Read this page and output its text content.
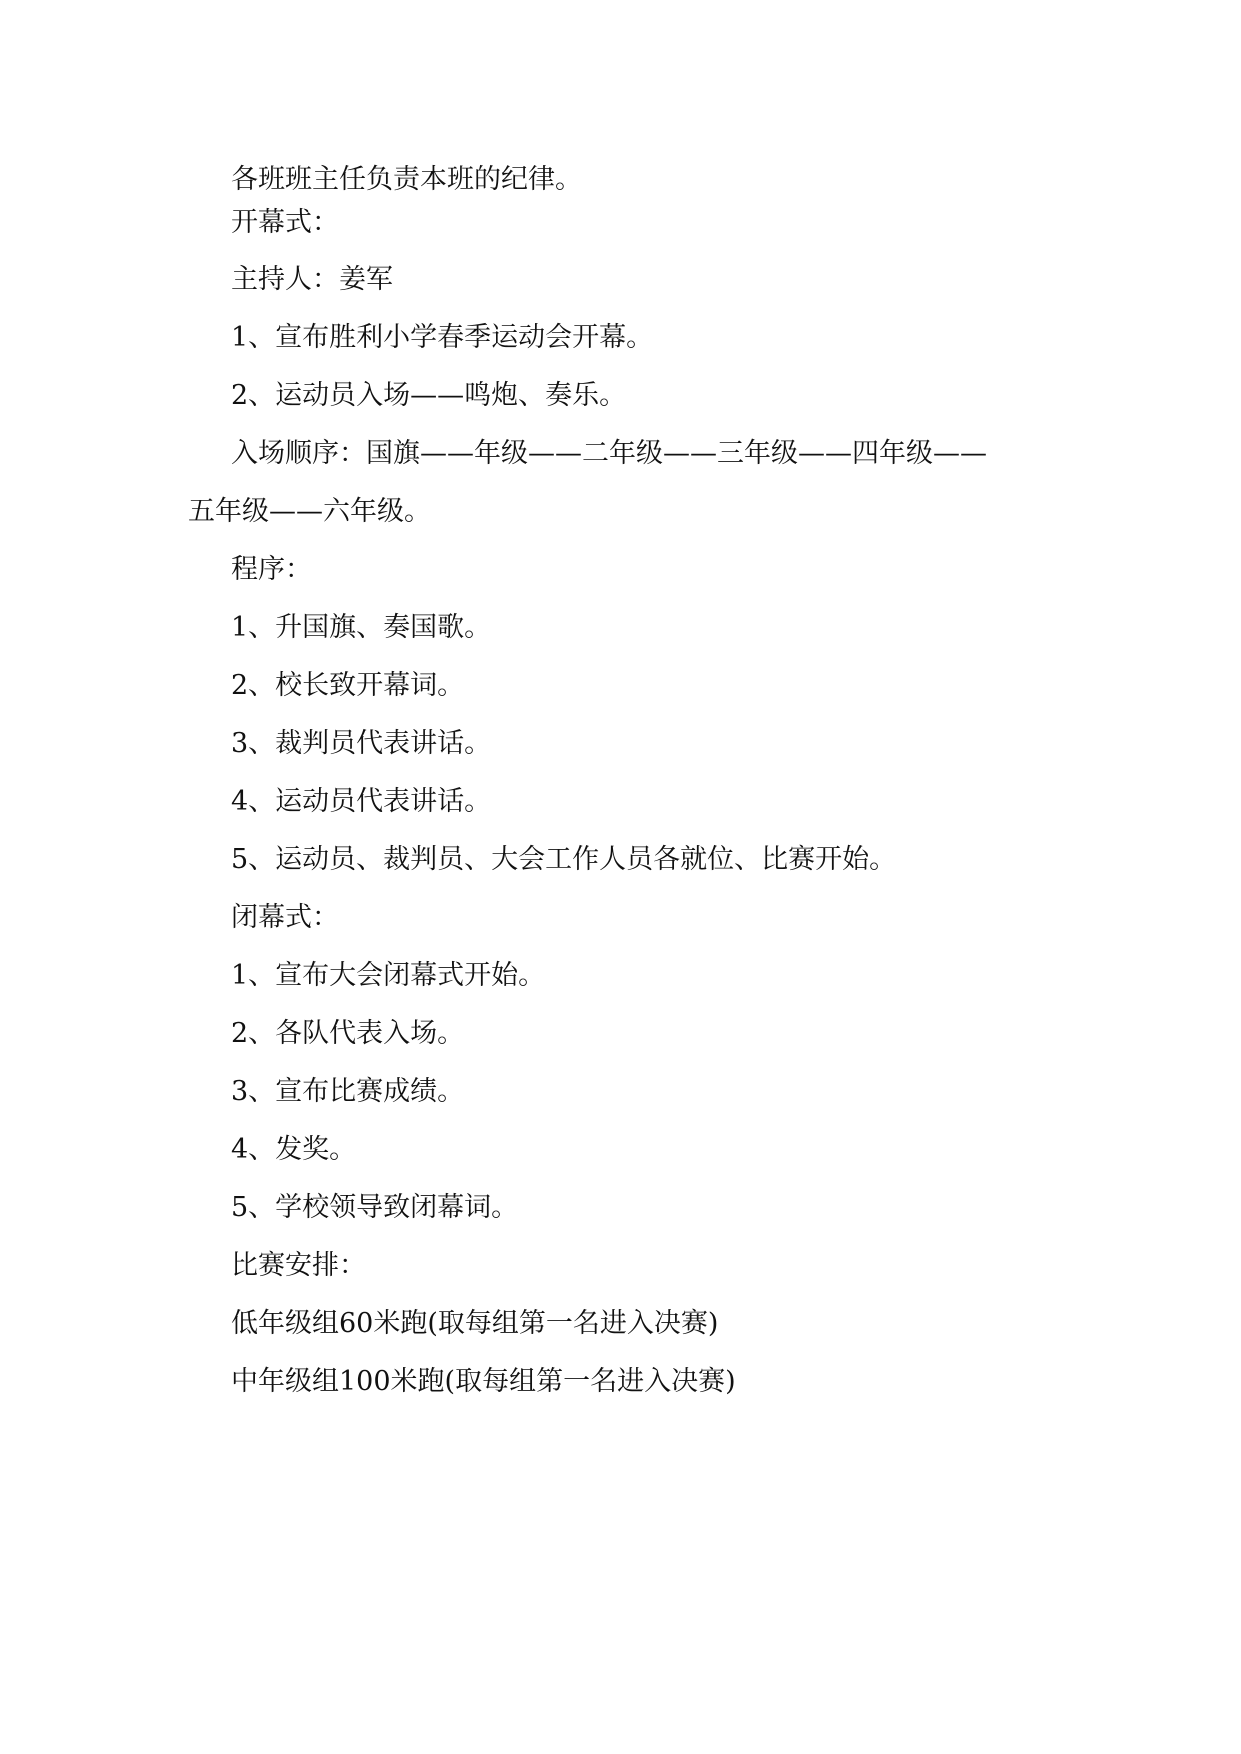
各班班主任负责本班的纪律。

开幕式：

主持人：姜军

1、宣布胜利小学春季运动会开幕。

2、运动员入场——鸣炮、奏乐。

入场顺序：国旗——年级——二年级——三年级——四年级——

五年级——六年级。

程序：

1、升国旗、奏国歌。

2、校长致开幕词。

3、裁判员代表讲话。

4、运动员代表讲话。

5、运动员、裁判员、大会工作人员各就位、比赛开始。

闭幕式：

1、宣布大会闭幕式开始。

2、各队代表入场。

3、宣布比赛成绩。

4、发奖。

5、学校领导致闭幕词。

比赛安排：

低年级组60米跑(取每组第一名进入决赛)

中年级组100米跑(取每组第一名进入决赛)
